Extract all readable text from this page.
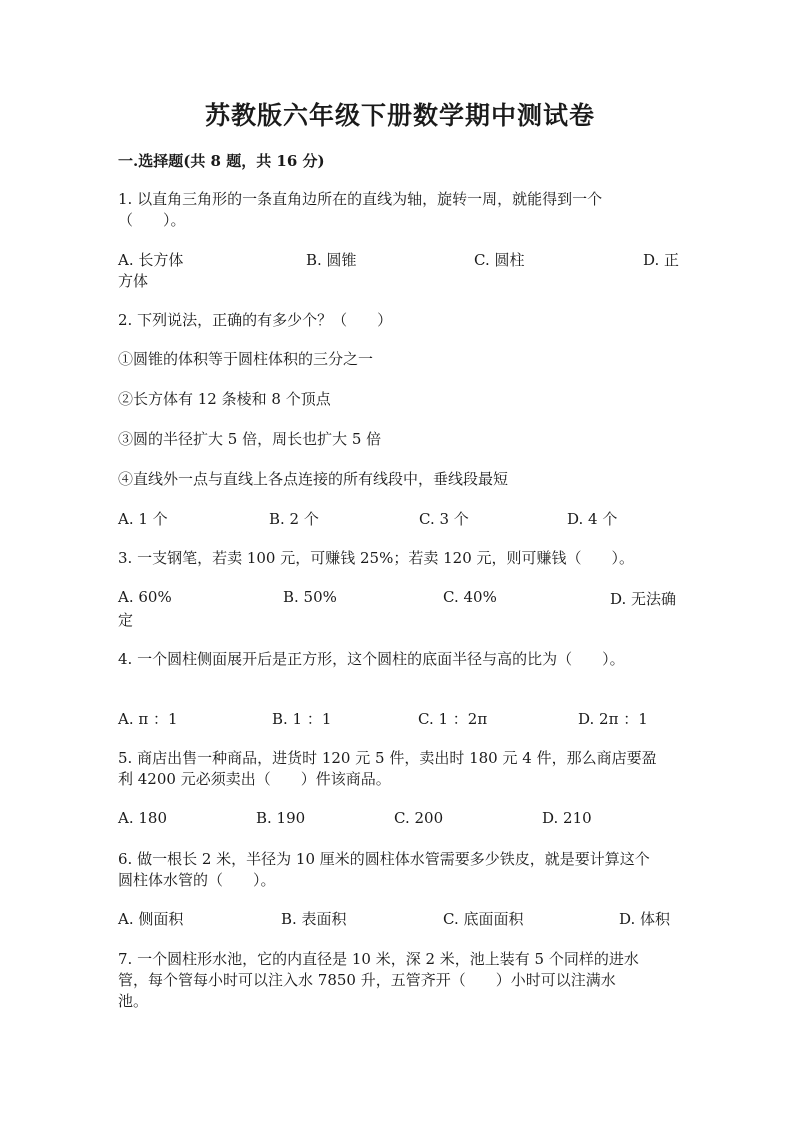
苏教版六年级下册数学期中测试卷
一.选择题(共 8 题，共 16 分)
1. 以直角三角形的一条直角边所在的直线为轴，旋转一周，就能得到一个
（　　）。
A. 长方体	B. 圆锥	C. 圆柱	D. 正
方体
2. 下列说法，正确的有多少个？（　　）
①圆锥的体积等于圆柱体积的三分之一
②长方体有 12 条棱和 8 个顶点
③圆的半径扩大 5 倍，周长也扩大 5 倍
④直线外一点与直线上各点连接的所有线段中，垂线段最短
A. 1 个	B. 2 个	C. 3 个	D. 4 个
3. 一支钢笔，若卖 100 元，可赚钱 25%；若卖 120 元，则可赚钱（　　）。
A. 60%	B. 50%	C. 40%	D. 无法确
定
4. 一个圆柱侧面展开后是正方形，这个圆柱的底面半径与高的比为（　　）。
A. π ：1	B. 1 ：1	C. 1 ：2π	D. 2π ：1
5. 商店出售一种商品，进货时 120 元 5 件，卖出时 180 元 4 件，那么商店要盈
利 4200 元必须卖出（　　）件该商品。
A. 180	B. 190	C. 200	D. 210
6. 做一根长 2 米，半径为 10 厘米的圆柱体水管需要多少铁皮，就是要计算这个
圆柱体水管的（　　）。
A. 侧面积	B. 表面积	C. 底面面积	D. 体积
7. 一个圆柱形水池，它的内直径是 10 米，深 2 米，池上装有 5 个同样的进水
管，每个管每小时可以注入水 7850 升，五管齐开（　　）小时可以注满水
池。
